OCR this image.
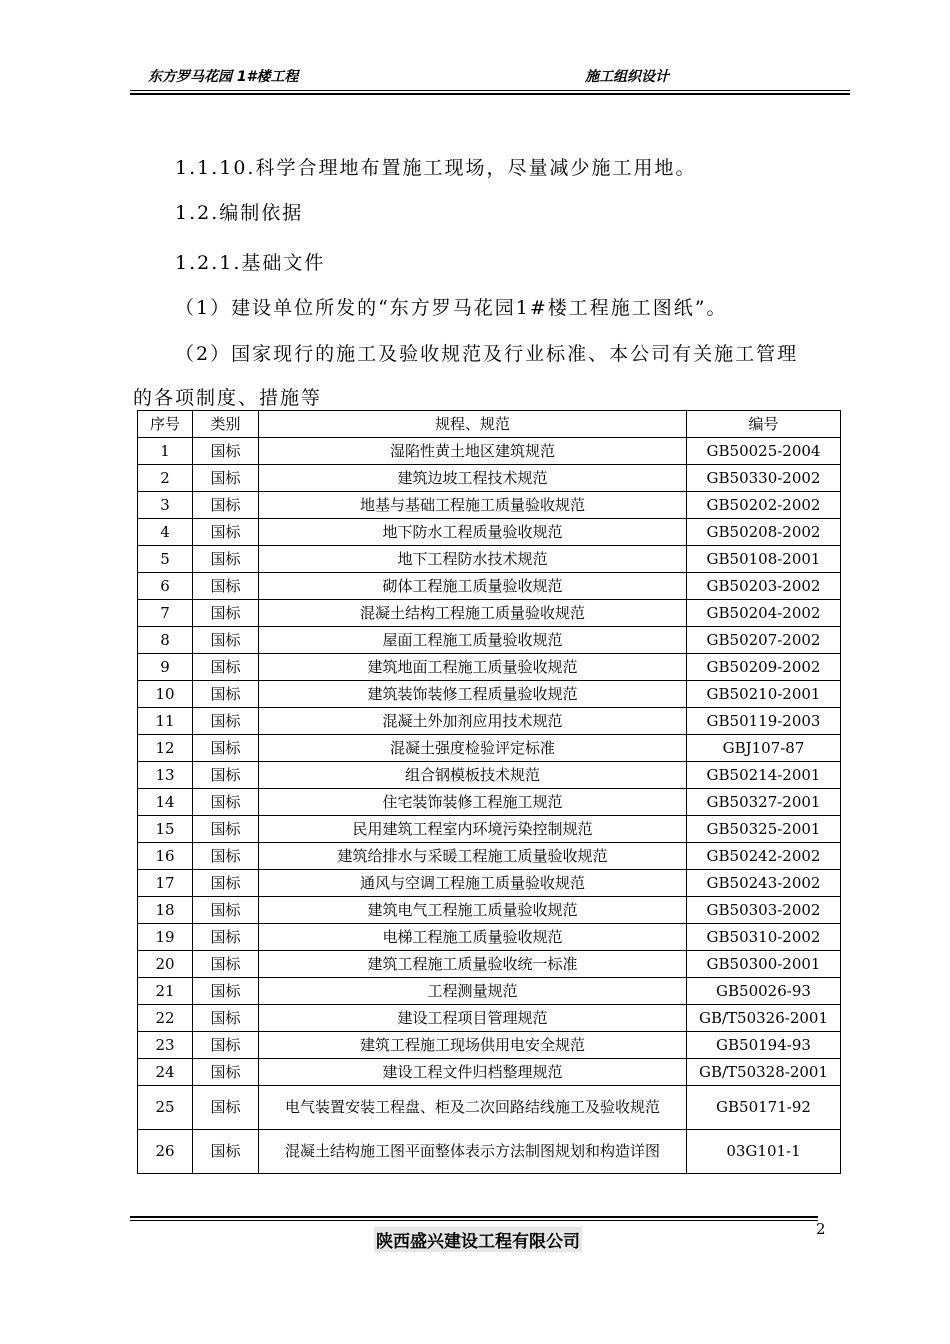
东方罗马花园 1#楼工程	施工组织设计
1.1.10.科学合理地布置施工现场，尽量减少施工用地。
1.2.编制依据
1.2.1.基础文件
（1）建设单位所发的“东方罗马花园1#楼工程施工图纸”。
（2）国家现行的施工及验收规范及行业标准、本公司有关施工管理
的各项制度、措施等
序号	类别	规程、规范	编号
1	国标	湿陷性黄土地区建筑规范	GB50025-2004
2	国标	建筑边坡工程技术规范	GB50330-2002
3	国标	地基与基础工程施工质量验收规范	GB50202-2002
4	国标	地下防水工程质量验收规范	GB50208-2002
5	国标	地下工程防水技术规范	GB50108-2001
6	国标	砌体工程施工质量验收规范	GB50203-2002
7	国标	混凝土结构工程施工质量验收规范	GB50204-2002
8	国标	屋面工程施工质量验收规范	GB50207-2002
9	国标	建筑地面工程施工质量验收规范	GB50209-2002
10	国标	建筑装饰装修工程质量验收规范	GB50210-2001
11	国标	混凝土外加剂应用技术规范	GB50119-2003
12	国标	混凝土强度检验评定标准	GBJ107-87
13	国标	组合钢模板技术规范	GB50214-2001
14	国标	住宅装饰装修工程施工规范	GB50327-2001
15	国标	民用建筑工程室内环境污染控制规范	GB50325-2001
16	国标	建筑给排水与采暖工程施工质量验收规范	GB50242-2002
17	国标	通风与空调工程施工质量验收规范	GB50243-2002
18	国标	建筑电气工程施工质量验收规范	GB50303-2002
19	国标	电梯工程施工质量验收规范	GB50310-2002
20	国标	建筑工程施工质量验收统一标准	GB50300-2001
21	国标	工程测量规范	GB50026-93
22	国标	建设工程项目管理规范	GB/T50326-2001
23	国标	建筑工程施工现场供用电安全规范	GB50194-93
24	国标	建设工程文件归档整理规范	GB/T50328-2001
25	国标	电气装置安装工程盘、柜及二次回路结线施工及验收规范	GB50171-92
26	国标	混凝土结构施工图平面整体表示方法制图规划和构造详图	03G101-1
陕西盛兴建设工程有限公司
2
